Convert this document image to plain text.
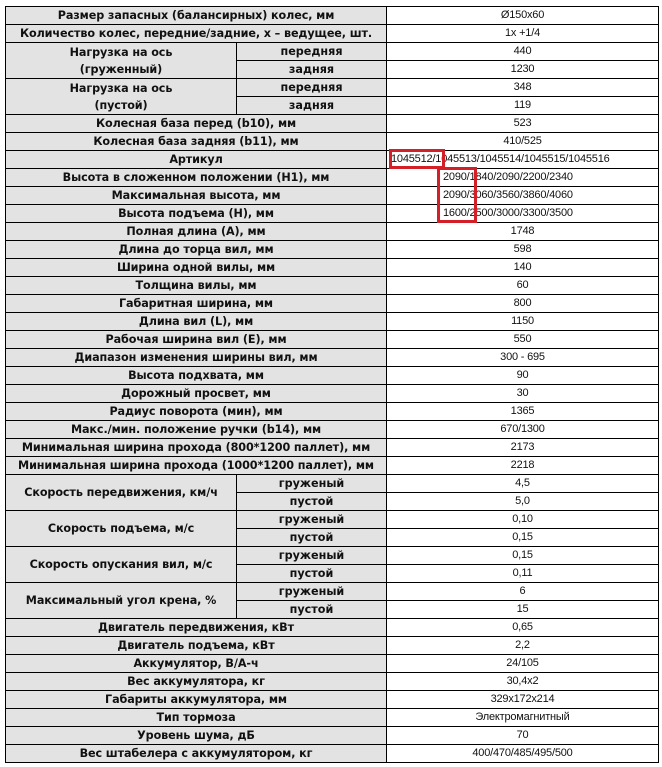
Размер запасных (балансирных) колес, мм		Ø150x60
Количество колес, передние/задние, x – ведущее, шт.		1x +1/4
Нагрузка на ось
(груженный)	передняя	440
	задняя	1230
Нагрузка на ось
(пустой)	передняя	348
	задняя	119
Колесная база перед (b10), мм		523
Колесная база задняя (b11), мм		410/525
Артикул		1045512/1045513/1045514/1045515/1045516
Высота в сложенном положении (H1), мм		2090/1840/2090/2200/2340
Максимальная высота, мм		2090/3060/3560/3860/4060
Высота подъема (H), мм		1600/2500/3000/3300/3500
Полная длина (A), мм		1748
Длина до торца вил, мм		598
Ширина одной вилы, мм		140
Толщина вилы, мм		60
Габаритная ширина, мм		800
Длина вил (L), мм		1150
Рабочая ширина вил (E), мм		550
Диапазон изменения ширины вил, мм		300 - 695
Высота подхвата, мм		90
Дорожный просвет, мм		30
Радиус поворота (мин), мм		1365
Макс./мин. положение ручки (b14), мм		670/1300
Минимальная ширина прохода (800*1200 паллет), мм		2173
Минимальная ширина прохода (1000*1200 паллет), мм		2218
Скорость передвижения, км/ч	груженый	4,5
	пустой	5,0
Скорость подъема, м/с	груженый	0,10
	пустой	0,15
Скорость опускания вил, м/с	груженый	0,15
	пустой	0,11
Максимальный угол крена, %	груженый	6
	пустой	15
Двигатель передвижения, кВт		0,65
Двигатель подъема, кВт		2,2
Аккумулятор, В/А-ч		24/105
Вес аккумулятора, кг		30,4x2
Габариты аккумулятора, мм		329x172x214
Тип тормоза		Электромагнитный
Уровень шума, дБ		70
Вес штабелера с аккумулятором, кг		400/470/485/495/500
